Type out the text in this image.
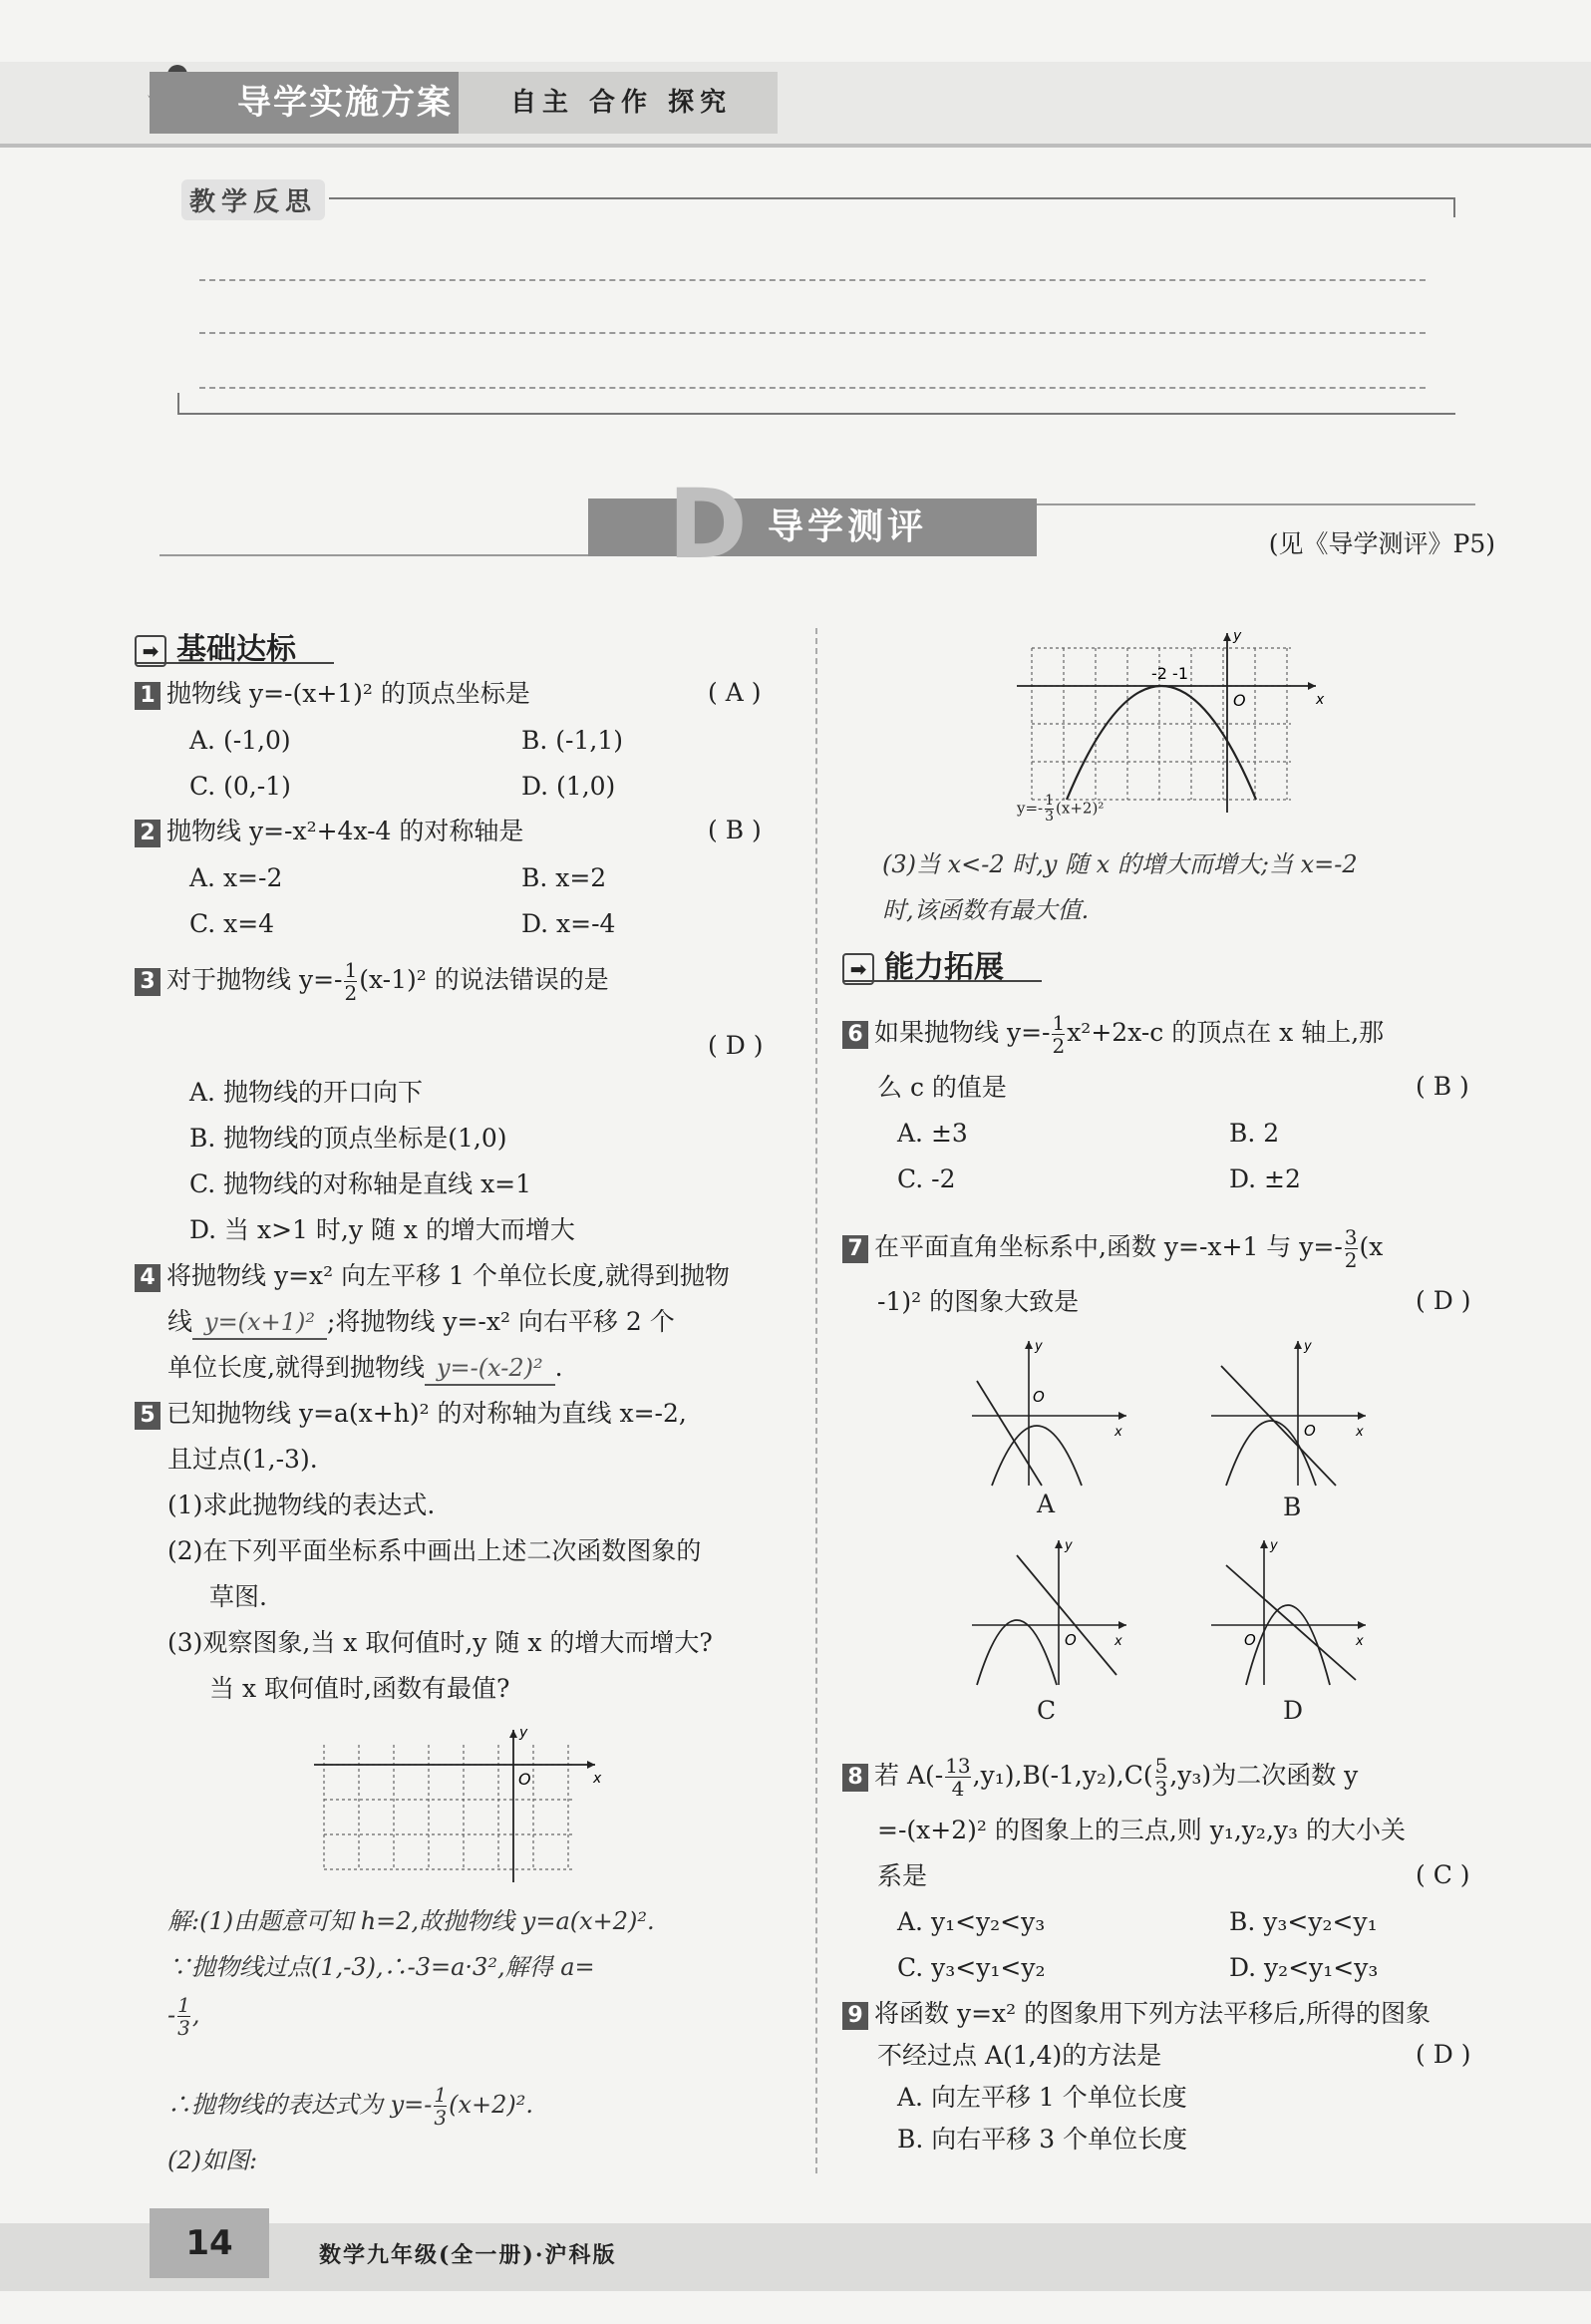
导学实施方案	自主 合作 探究
教学反思
导学测评
D	(见《导学测评》P5)
➡ 基础达标
1 抛物线 y=-(x+1)² 的顶点坐标是	( A )
A. (-1,0)	B. (-1,1)
C. (0,-1)	D. (1,0)
2 抛物线 y=-x²+4x-4 的对称轴是	( B )
A. x=-2	B. x=2
C. x=4	D. x=-4
3 对于抛物线 $y=- \frac{1}{2} (x-1)^2$ 的说法错误的是
( D )
A. 抛物线的开口向下
B. 抛物线的顶点坐标是(1,0)
C. 抛物线的对称轴是直线 x=1
D. 当 x>1 时,y 随 x 的增大而增大
4 将抛物线 y=x² 向左平移 1 个单位长度,就得到抛物
线 y=(x+1)² ;将抛物线 y=-x² 向右平移 2 个
单位长度,就得到抛物线 y=-(x-2)² .
5 已知抛物线 y=a(x+h)² 的对称轴为直线 x=-2,
且过点(1,-3).
(1)求此抛物线的表达式.
(2)在下列平面坐标系中画出上述二次函数图象的
草图.
(3)观察图象,当 x 取何值时,y 随 x 的增大而增大?
当 x 取何值时,函数有最值?
O	x
y
解:(1)由题意可知 h=2,故抛物线 y=a(x+2)².
∵抛物线过点(1,-3),∴-3=a·3²,解得 a=
- $\frac{1}{3}$ ,
∴抛物线的表达式为 $y=- \frac{1}{3} (x+2)^2$.
(2)如图:
-2 -1
O	x
y
$y=- \frac{1}{3} (x+2)^2$
(3)当 x<-2 时,y 随 x 的增大而增大;当 x=-2
时,该函数有最大值.
➡ 能力拓展
6 如果抛物线 $y=- \frac{1}{2} x^2+2x-c$ 的顶点在 x 轴上,那
么 c 的值是	( B )
A. ±3	B. 2
C. -2	D. ±2
7 在平面直角坐标系中,函数 y=-x+1 与 $y=- \frac{3}{2} (x$
-1)² 的图象大致是	( D )
O
x
y
A
O	x
y
B
O	x
y
C
O	x
y
D
8 若 $A(- \frac{13}{4} ,y_1),B(-1,y_2),C( \frac{5}{3} ,y_3)$为二次函数 y
=-(x+2)² 的图象上的三点,则 y₁,y₂,y₃ 的大小关
系是	( C )
A. y₁<y₂<y₃	B. y₃<y₂<y₁
C. y₃<y₁<y₂	D. y₂<y₁<y₃
9 将函数 y=x² 的图象用下列方法平移后,所得的图象
不经过点 A(1,4)的方法是	( D )
A. 向左平移 1 个单位长度
B. 向右平移 3 个单位长度
14	数学九年级(全一册)·沪科版
